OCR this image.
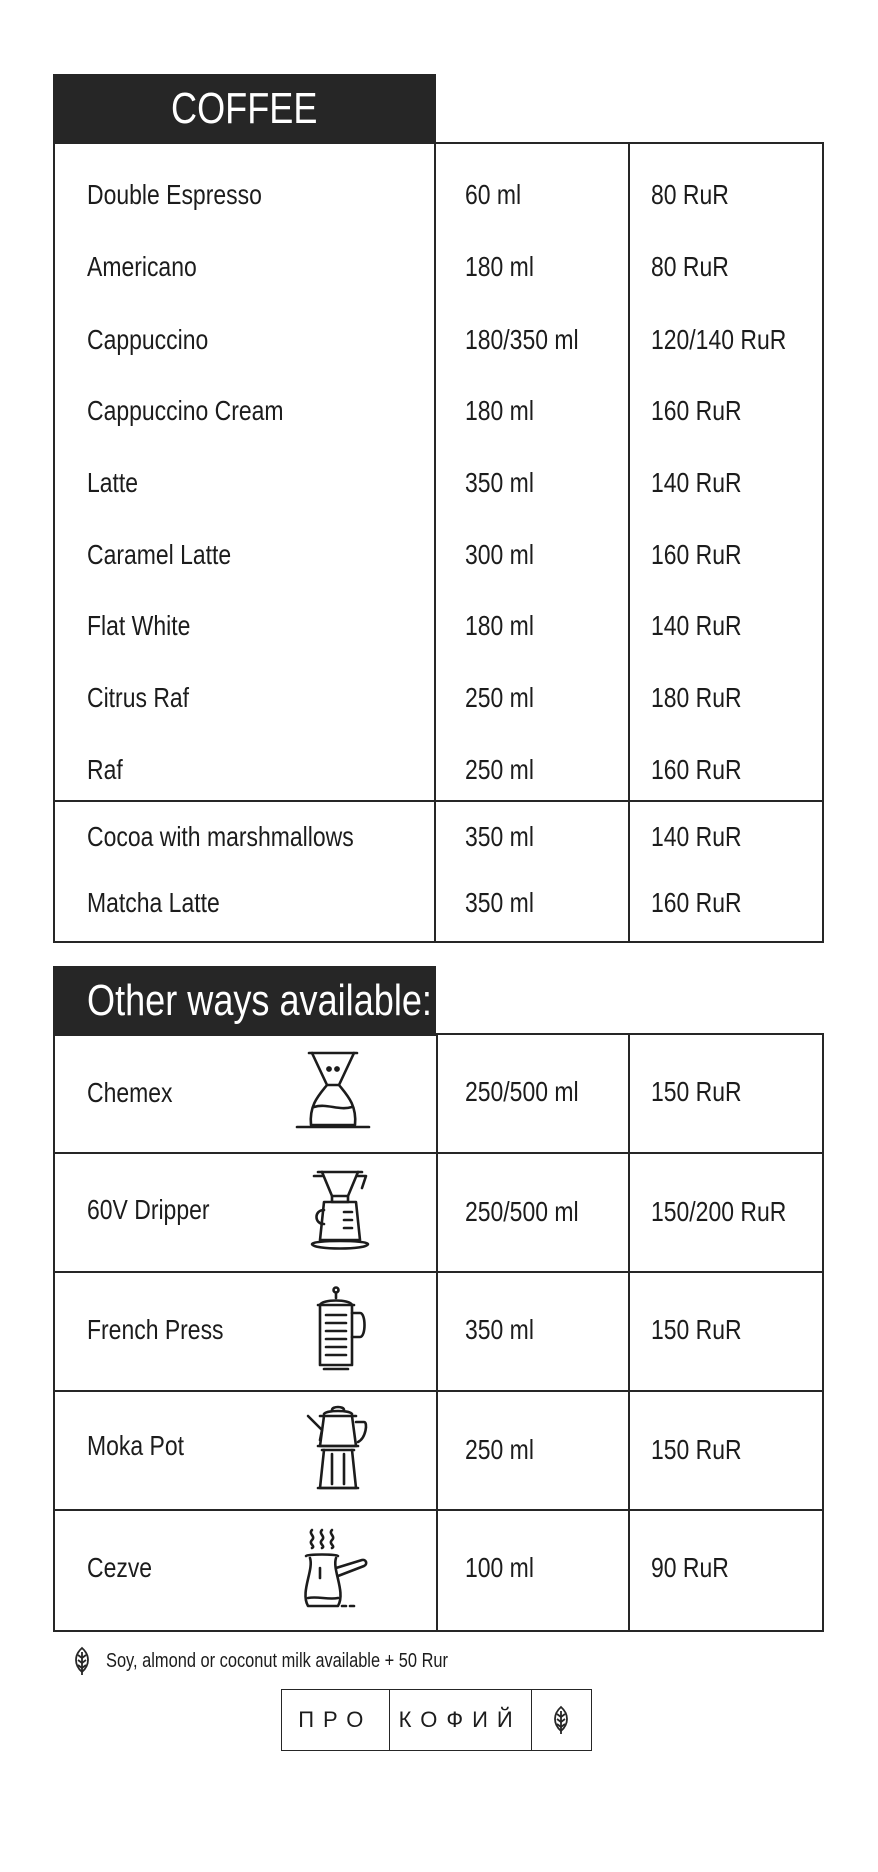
COFFEE
Double Espresso	60 ml	80 RuR
Americano	180 ml	80 RuR
Cappuccino	180/350 ml	120/140 RuR
Cappuccino Cream	180 ml	160 RuR
Latte	350 ml	140 RuR
Caramel Latte	300 ml	160 RuR
Flat White	180 ml	140 RuR
Citrus Raf	250 ml	180 RuR
Raf	250 ml	160 RuR
Cocoa with marshmallows	350 ml	140 RuR
Matcha Latte	350 ml	160 RuR
Other ways available:
Chemex	250/500 ml	150 RuR
60V Dripper	250/500 ml	150/200 RuR
French Press	350 ml	150 RuR
Moka Pot	250 ml	150 RuR
Cezve	100 ml	90 RuR
Soy, almond or coconut milk available + 50 Rur
ПРО	КОФИЙ
